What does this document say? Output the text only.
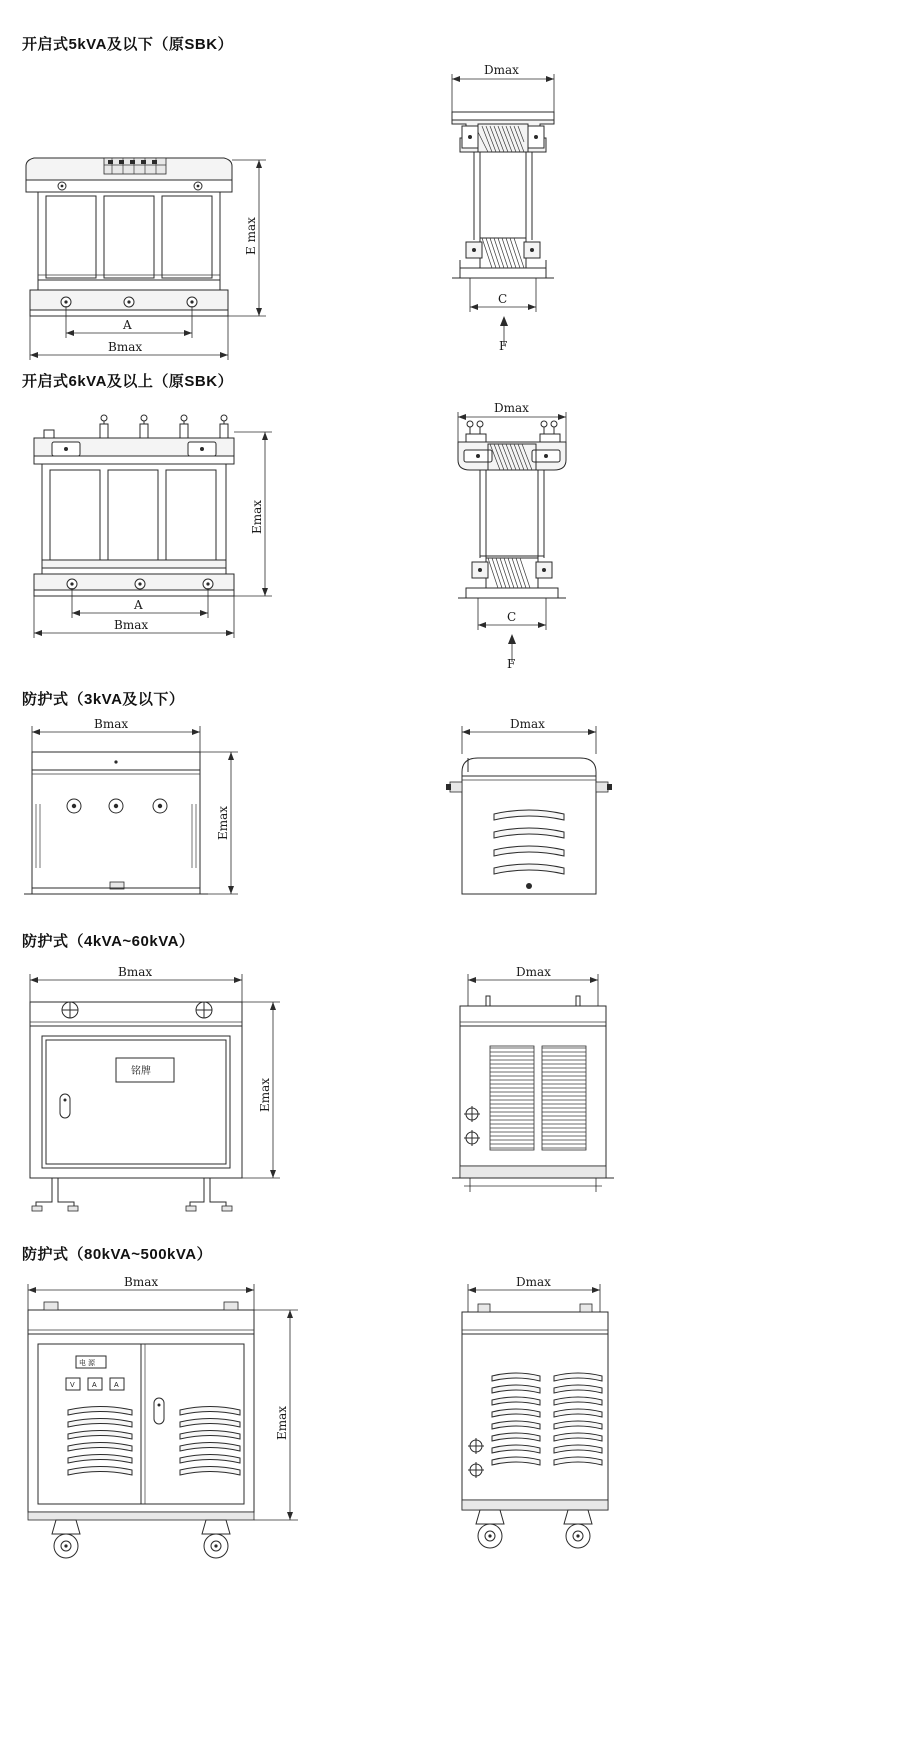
开启式5kVA及以下（原SBK）
E max
A
Bmax
Dmax
C
F
开启式6kVA及以上（原SBK）
Emax
A
Bmax
Dmax
C
F
防护式（3kVA及以下）
Bmax
Emax
Dmax
防护式（4kVA~60kVA）
Bmax
铭牌
Emax
Dmax
防护式（80kVA~500kVA）
Bmax
电 源
V A A
Emax
Dmax
